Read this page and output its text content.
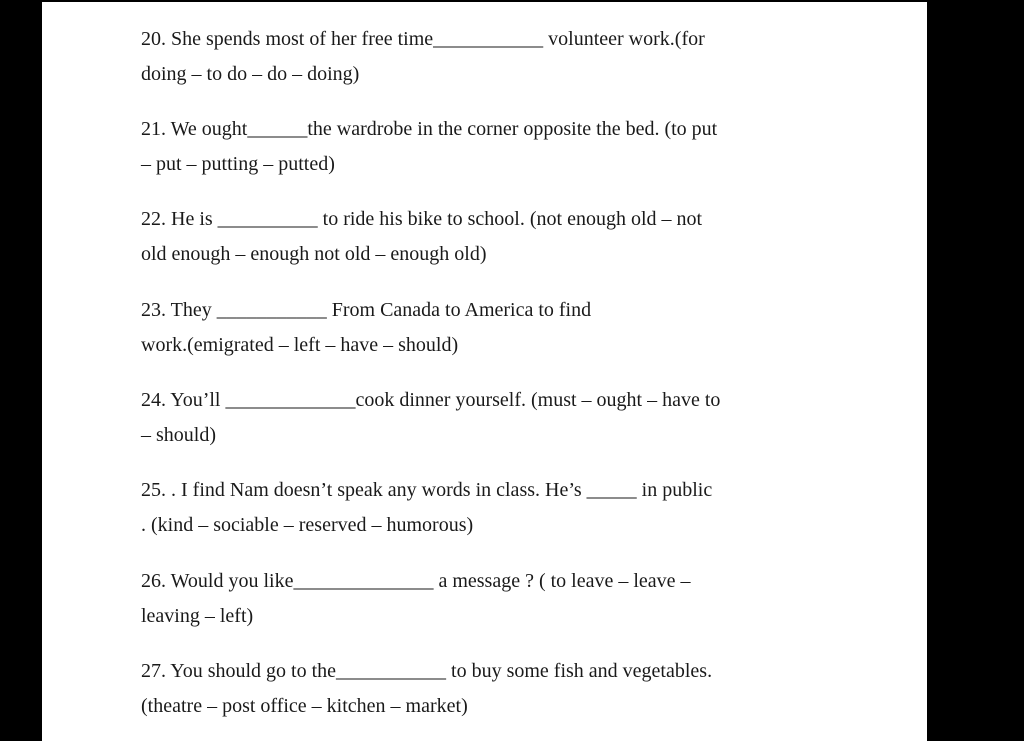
20. She spends most of her free time___________ volunteer work.(for
doing – to do – do – doing)

21. We ought______the wardrobe in the corner opposite the bed. (to put
– put – putting – putted)

22. He is __________ to ride his bike to school. (not enough old – not
old enough – enough not old – enough old)

23. They ___________ From Canada to America to find
work.(emigrated – left – have – should)

24. You’ll _____________cook dinner yourself. (must – ought – have to
– should)

25. . I find Nam doesn’t speak any words in class. He’s _____ in public
. (kind – sociable – reserved – humorous)

26. Would you like______________ a message ? ( to leave – leave –
leaving – left)

27. You should go to the___________ to buy some fish and vegetables.
(theatre – post office – kitchen – market)
